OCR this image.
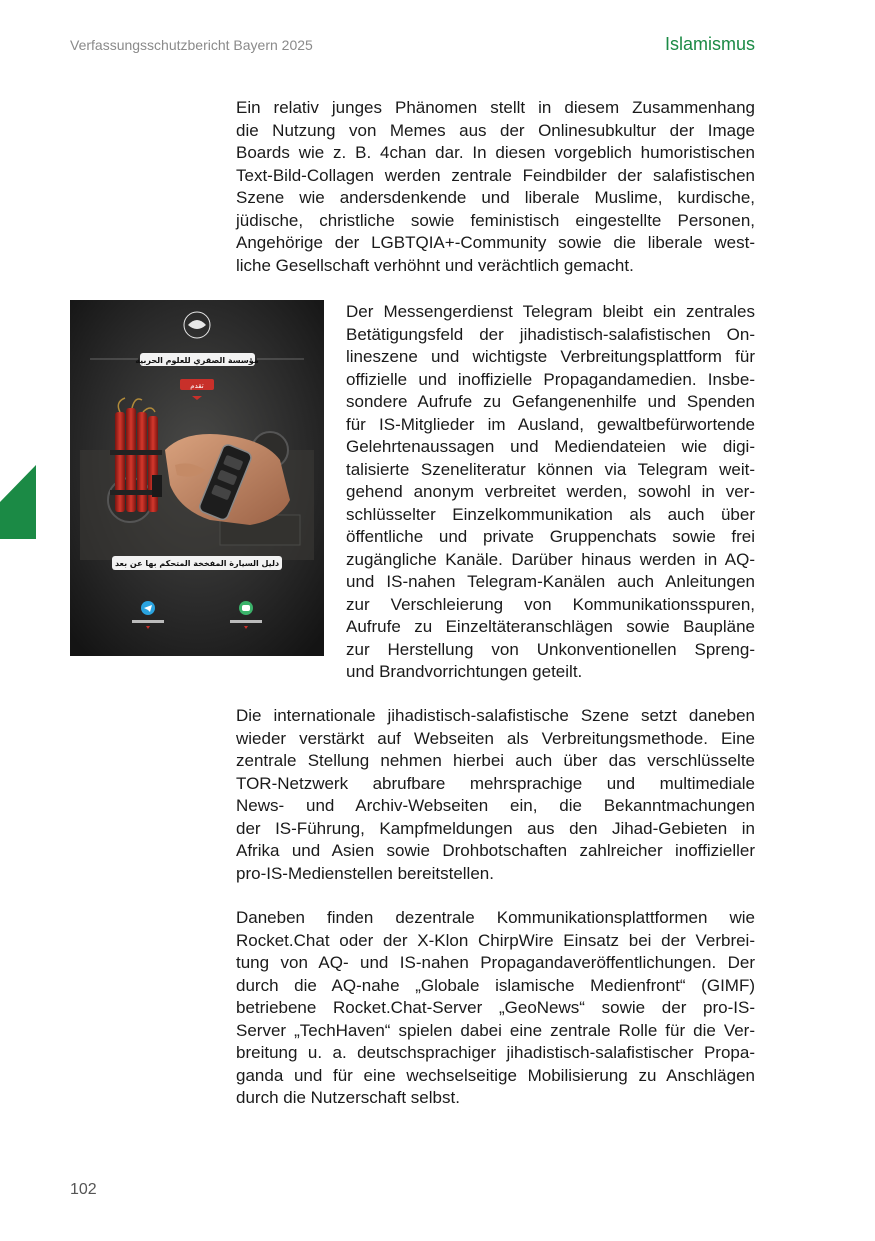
Verfassungsschutzbericht Bayern 2025	Islamismus
Ein relativ junges Phänomen stellt in diesem Zusammenhang
die Nutzung von Memes aus der Onlinesubkultur der Image
Boards wie z. B. 4chan dar. In diesen vorgeblich humoristischen
Text-Bild-Collagen werden zentrale Feindbilder der salafistischen
Szene wie andersdenkende und liberale Muslime, kurdische,
jüdische, christliche sowie feministisch eingestellte Personen,
Angehörige der LGBTQIA+-Community sowie die liberale west-
liche Gesellschaft verhöhnt und verächtlich gemacht.
مؤسسة الصقري للعلوم الحربية
تقدم
دليل السيارة المفخخة المتحكم بها عن بعد
Der Messengerdienst Telegram bleibt ein zentrales
Betätigungsfeld der jihadistisch-salafistischen On-
lineszene und wichtigste Verbreitungsplattform für
offizielle und inoffizielle Propagandamedien. Insbe-
sondere Aufrufe zu Gefangenenhilfe und Spenden
für IS-Mitglieder im Ausland, gewaltbefürwortende
Gelehrtenaussagen und Mediendateien wie digi-
talisierte Szeneliteratur können via Telegram weit-
gehend anonym verbreitet werden, sowohl in ver-
schlüsselter Einzelkommunikation als auch über
öffentliche und private Gruppenchats sowie frei
zugängliche Kanäle. Darüber hinaus werden in AQ-
und IS-nahen Telegram-Kanälen auch Anleitungen
zur Verschleierung von Kommunikationsspuren,
Aufrufe zu Einzeltäteranschlägen sowie Baupläne
zur Herstellung von Unkonventionellen Spreng-
und Brandvorrichtungen geteilt.
Die internationale jihadistisch-salafistische Szene setzt daneben
wieder verstärkt auf Webseiten als Verbreitungsmethode. Eine
zentrale Stellung nehmen hierbei auch über das verschlüsselte
TOR-Netzwerk abrufbare mehrsprachige und multimediale
News- und Archiv-Webseiten ein, die Bekanntmachungen
der IS-Führung, Kampfmeldungen aus den Jihad-Gebieten in
Afrika und Asien sowie Drohbotschaften zahlreicher inoffizieller
pro-IS-Medienstellen bereitstellen.
Daneben finden dezentrale Kommunikationsplattformen wie
Rocket.Chat oder der X-Klon ChirpWire Einsatz bei der Verbrei-
tung von AQ- und IS-nahen Propagandaveröffentlichungen. Der
durch die AQ-nahe „Globale islamische Medienfront“ (GIMF)
betriebene Rocket.Chat-Server „GeoNews“ sowie der pro-IS-
Server „TechHaven“ spielen dabei eine zentrale Rolle für die Ver-
breitung u. a. deutschsprachiger jihadistisch-salafistischer Propa-
ganda und für eine wechselseitige Mobilisierung zu Anschlägen
durch die Nutzerschaft selbst.
102
